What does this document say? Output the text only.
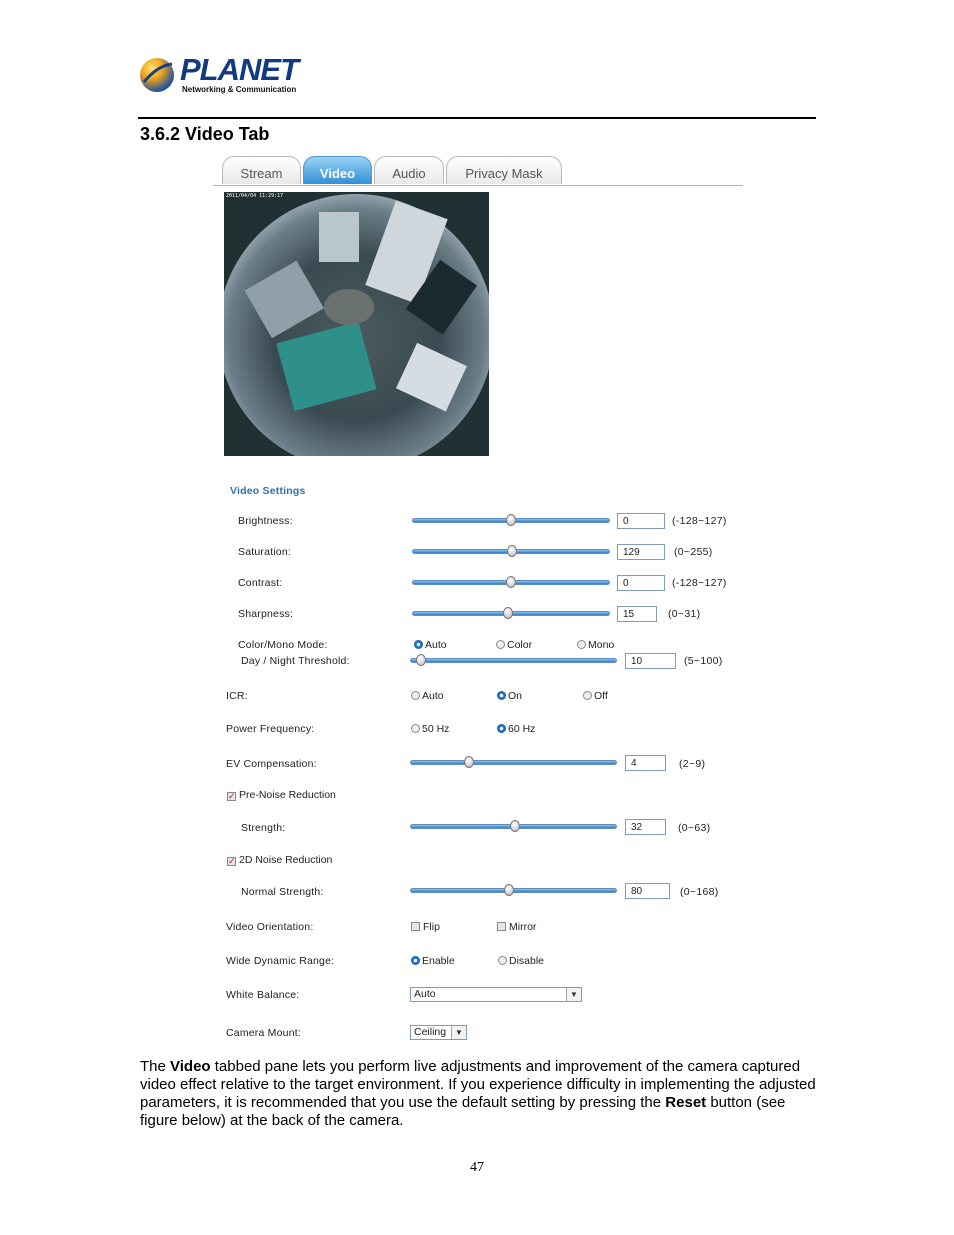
PLANET
Networking & Communication
3.6.2 Video Tab
Stream	Video	Audio	Privacy Mask
2011/04/04 11:29:17
Video Settings
Brightness:	0	(-128~127)
Saturation:	129	(0~255)
Contrast:	0	(-128~127)
Sharpness:	15	(0~31)
Color/Mono Mode:	Auto	Color	Mono
Day / Night Threshold:	10	(5~100)
ICR:	Auto	On	Off
Power Frequency:	50 Hz	60 Hz
EV Compensation:	4	(2~9)
✓ Pre-Noise Reduction
Strength:	32	(0~63)
✓ 2D Noise Reduction
Normal Strength:	80	(0~168)
Video Orientation:	Flip	Mirror
Wide Dynamic Range:	Enable	Disable
White Balance:	Auto	▼
Camera Mount:	Ceiling	▼
The Video tabbed pane lets you perform live adjustments and improvement of the camera captured video effect relative to the target environment. If you experience difficulty in implementing the adjusted parameters, it is recommended that you use the default setting by pressing the Reset button (see figure below) at the back of the camera.
47
